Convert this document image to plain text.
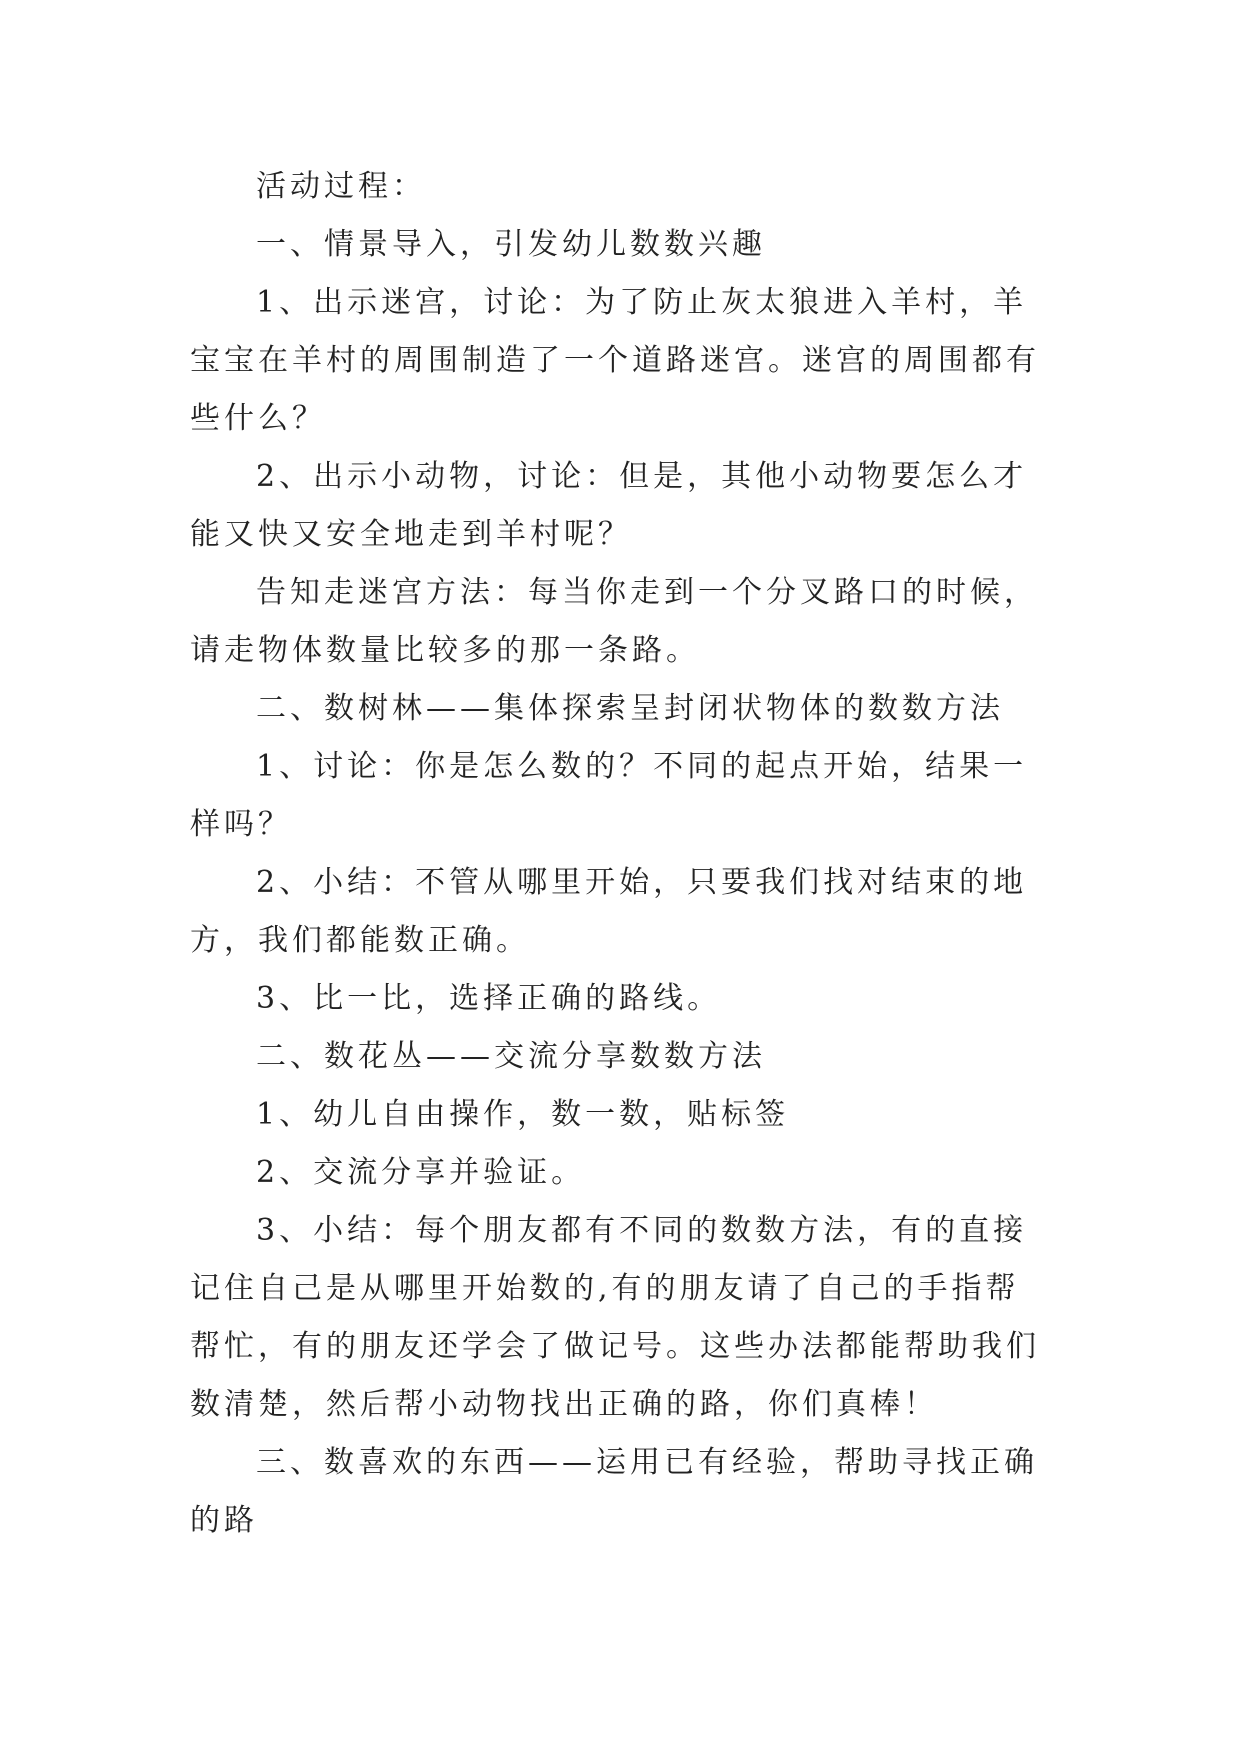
活动过程：

一、情景导入，引发幼儿数数兴趣

1、出示迷宫，讨论：为了防止灰太狼进入羊村，羊宝宝在羊村的周围制造了一个道路迷宫。迷宫的周围都有些什么？

2、出示小动物，讨论：但是，其他小动物要怎么才能又快又安全地走到羊村呢？

告知走迷宫方法：每当你走到一个分叉路口的时候，请走物体数量比较多的那一条路。

二、数树林——集体探索呈封闭状物体的数数方法

1、讨论：你是怎么数的？不同的起点开始，结果一样吗？

2、小结：不管从哪里开始，只要我们找对结束的地方，我们都能数正确。

3、比一比，选择正确的路线。

二、数花丛——交流分享数数方法

1、幼儿自由操作，数一数，贴标签

2、交流分享并验证。

3、小结：每个朋友都有不同的数数方法，有的直接记住自己是从哪里开始数的,有的朋友请了自己的手指帮帮忙，有的朋友还学会了做记号。这些办法都能帮助我们数清楚，然后帮小动物找出正确的路，你们真棒！

三、数喜欢的东西——运用已有经验，帮助寻找正确的路
